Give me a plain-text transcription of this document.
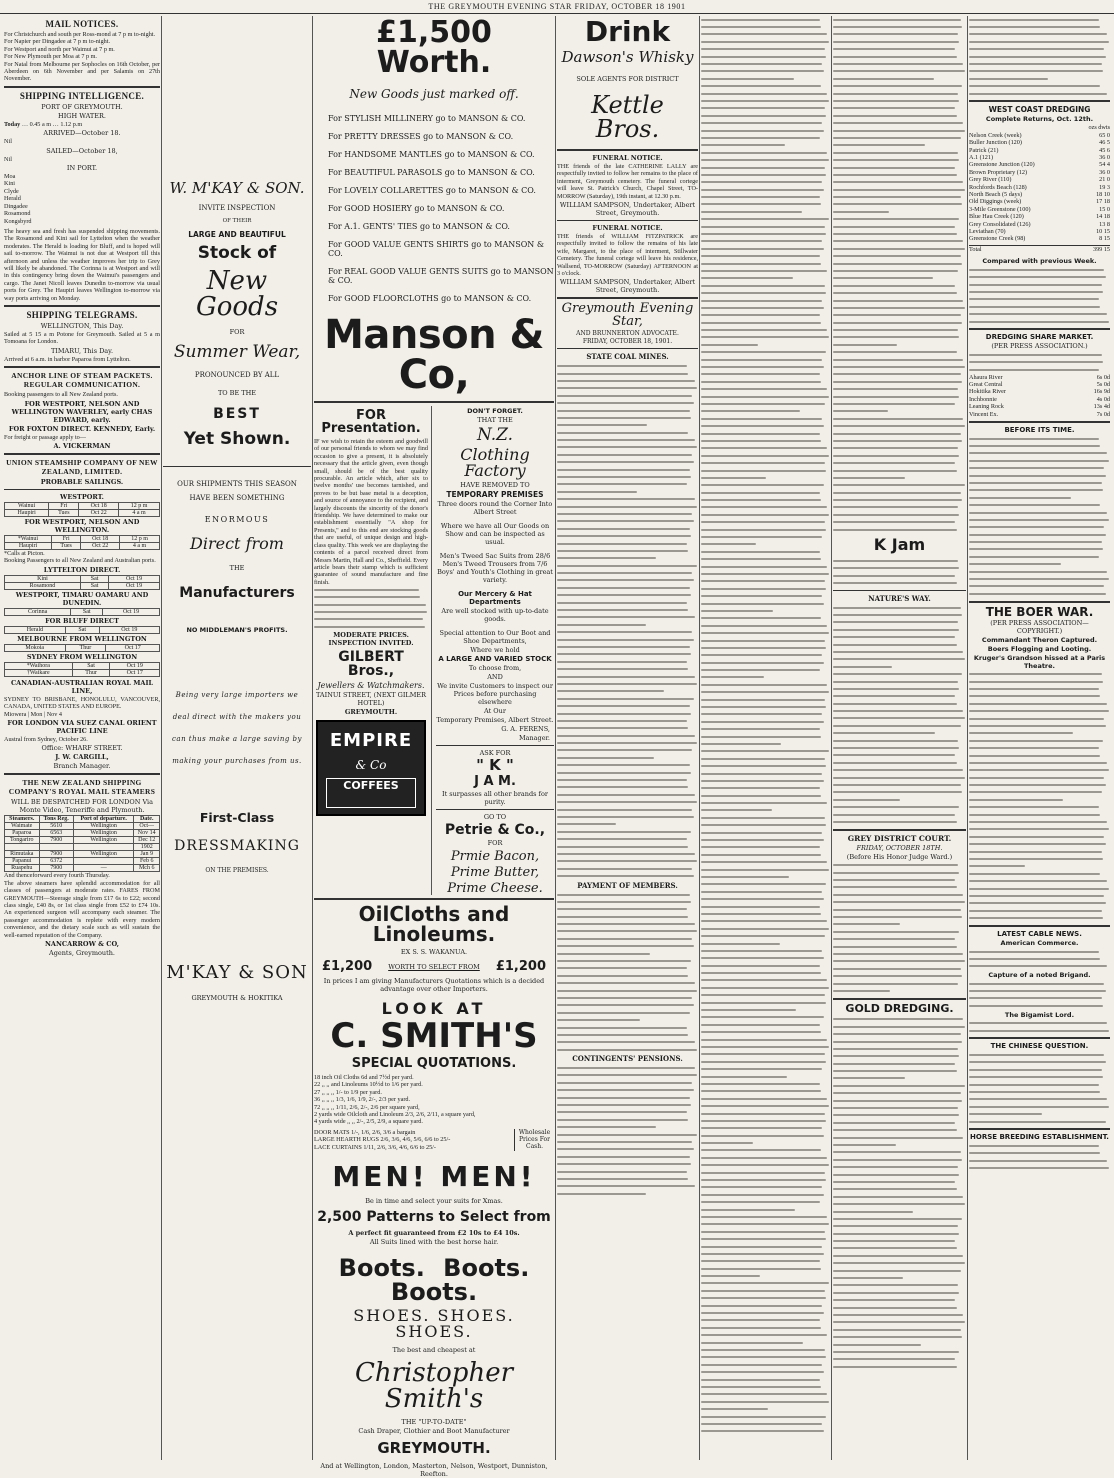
THE GREYMOUTH EVENING STAR FRIDAY, OCTOBER 18 1901
MAIL NOTICES.
For Christchurch and south per Ross-mond at 7 p m to-night.
For Napier per Dingadee at 7 p m to-night.
For Westport and north per Waimui at 7 p m.
For New Plymouth per Moa at 7 p m.
For Natal from Melbourne per Sophocles on 16th October, per Aberdeen on 6th November and per Salamis on 27th November.
SHIPPING INTELLIGENCE.
PORT OF GREYMOUTH.
HIGH WATER.
Today … 0.45 a m … 1.12 p.m
ARRIVED—October 18.
Nil
SAILED—October 18,
Nil
IN PORT.
Moa
Kini
Clyde
Herald
Dingadee
Rosamond
Kongsbyrd
The heavy sea and fresh has suspended shipping movements. The Rosamond and Kini sail for Lyttelton when the weather moderates. The Herald is loading for Bluff, and is hoped will sail to-morrow. The Waimui is not due at Westport till this afternoon and unless the weather improves her trip to Grey will likely be abandoned. The Corinna is at Westport and will in this contingency bring down the Waimui's passengers and cargo. The Janet Nicoll leaves Dunedin to-morrow via usual ports for Grey. The Haupiri leaves Wellington to-morrow via way ports arriving on Monday.
SHIPPING TELEGRAMS.
WELLINGTON, This Day.
Sailed at 5 15 a m Potone for Greymouth. Sailed at 5 a m Tomoana for London.
TIMARU, This Day.
Arrived at 6 a.m. in harbor Paparoa from Lyttelton.
ANCHOR LINE OF STEAM PACKETS. REGULAR COMMUNICATION.
Booking passengers to all New Zealand ports.
FOR WESTPORT, NELSON AND WELLINGTON WAVERLEY, early CHAS EDWARD, early.
FOR FOXTON DIRECT. KENNEDY, Early.
For freight or passage apply to—
A. VICKERMAN
UNION STEAMSHIP COMPANY OF NEW ZEALAND, LIMITED.
PROBABLE SAILINGS.
WESTPORT.
Wainui	Fri	Oct 18	12 p m
Haupiri	Tues	Oct 22	4 a m
FOR WESTPORT, NELSON AND WELLINGTON.
*Wainui	Fri	Oct 18	12 p m
Haupiri	Tues	Oct 22	4 a m
*Calls at Picton.
Booking Passengers to all New Zealand and Australian ports.
LYTTELTON DIRECT.
Kini	Sat	Oct 19
Rosamond	Sat	Oct 19
WESTPORT, TIMARU OAMARU AND DUNEDIN.
Corinna	Sat	Oct 19
FOR BLUFF DIRECT
Herald	Sat	Oct 19
MELBOURNE FROM WELLINGTON
Mokoia	Thur	Oct 17
SYDNEY FROM WELLINGTON
*Waihora	Sat	Oct 19
†Waikare	Thur	Oct 17
CANADIAN-AUSTRALIAN ROYAL MAIL LINE,
SYDNEY TO BRISBANE, HONOLULU, VANCOUVER, CANADA, UNITED STATES AND EUROPE.
Miowera | Mon | Nov 4
FOR LONDON VIA SUEZ CANAL ORIENT PACIFIC LINE
Austral from Sydney, October 26.
Office: WHARF STREET.
J. W. CARGILL,
Branch Manager.
THE NEW ZEALAND SHIPPING COMPANY'S ROYAL MAIL STEAMERS
WILL BE DESPATCHED FOR LONDON Via Monte Video, Teneriffe and Plymouth.
Steamers.	Tons Reg.	Port of departure.	Date.
Waimate	5610	Wellington	Oct—
Paparoa	6563	Wellington	Nov 14
Tongariro	7900	Wellington	Dec 12
			1902
Rimutaka	7900	Wellington	Jan 9
Papanui	6372		Feb 6
Ruapehu	7900	—	Mch 6
And thenceforward every fourth Thursday.
The above steamers have splendid accommodation for all classes of passengers at moderate rates. FARES FROM GREYMOUTH—Steerage single from £17 6s to £22; second class single, £40 8s, or 1st class single from £52 to £74 10s. An experienced surgeon will accompany each steamer. The passenger accommodation is replete with every modern convenience, and the dietary scale such as will sustain the well-earned reputation of the Company.
NANCARROW & CO,
Agents, Greymouth.
W. M'KAY & SON.
INVITE INSPECTION
OF THEIR
LARGE AND BEAUTIFUL
Stock of
New Goods
FOR
Summer Wear,
PRONOUNCED BY ALL
TO BE THE
BEST
Yet Shown.
OUR SHIPMENTS THIS SEASON HAVE BEEN SOMETHING
ENORMOUS
Direct from
THE
Manufacturers
NO MIDDLEMAN'S PROFITS.
Being very large importers we deal direct with the makers you can thus make a large saving by making your purchases from us.
First-Class
DRESSMAKING
ON THE PREMISES.
M'KAY & SON
GREYMOUTH & HOKITIKA
£1,500 Worth.
New Goods just marked off.
For STYLISH MILLINERY go to MANSON & CO.
For PRETTY DRESSES go to MANSON & CO.
For HANDSOME MANTLES go to MANSON & CO.
For BEAUTIFUL PARASOLS go to MANSON & CO.
For LOVELY COLLARETTES go to MANSON & CO.
For GOOD HOSIERY go to MANSON & CO.
For A.1. GENTS' TIES go to MANSON & CO.
For GOOD VALUE GENTS SHIRTS go to MANSON & CO.
For REAL GOOD VALUE GENTS SUITS go to MANSON & CO.
For GOOD FLOORCLOTHS go to MANSON & CO.
Manson & Co,
FOR Presentation.
IF we wish to retain the esteem and goodwill of our personal friends to whom we may find occasion to give a present, it is absolutely necessary that the article given, even though small, should be of the best quality procurable. An article which, after six to twelve months' use becomes tarnished, and proves to be but base metal is a deception, and source of annoyance to the recipient, and largely discounts the sincerity of the donor's friendship. We have determined to make our establishment essentially "A shop for Presents," and to this end are stocking goods that are useful, of unique design and high-class quality. This week we are displaying the contents of a parcel received direct from Messrs Martin, Hall and Co., Sheffield. Every article bears their stamp which is sufficient guarantee of sound manufacture and fine finish.
MODERATE PRICES. INSPECTION INVITED.
GILBERT Bros.,
Jewellers & Watchmakers.
TAINUI STREET, (NEXT GILMER HOTEL)
GREYMOUTH.
EMPIRE
& Co
COFFEES
DON'T FORGET.
THAT THE
N.Z.
Clothing Factory
HAVE REMOVED TO
TEMPORARY PREMISES
Three doors round the Corner Into Albert Street
Where we have all Our Goods on Show and can be inspected as usual.
Men's Tweed Sac Suits from 28/6 Men's Tweed Trousers from 7/6 Boys' and Youth's Clothing in great variety.
Our Mercery & Hat Departments
Are well stocked with up-to-date goods.
Special attention to Our Boot and Shoe Departments,
Where we hold
A LARGE AND VARIED STOCK
To choose from,
AND
We invite Customers to inspect our Prices before purchasing elsewhere
At Our
Temporary Premises, Albert Street.
G. A. FERENS,
Manager.
ASK FOR
" K "
J A M.
It surpasses all other brands for purity.
GO TO
Petrie & Co.,
FOR
Prmie Bacon,
Prime Butter,
Prime Cheese.
OilCloths and Linoleums.
EX S. S. WAKANUA.
£1,200 WORTH TO SELECT FROM £1,200
In prices I am giving Manufacturers Quotations which is a decided advantage over other Importers.
LOOK AT
C. SMITH'S
SPECIAL QUOTATIONS.
18 inch Oil Cloths 6d and 7½d per yard.
22 ,, ,, and Linoleums 10½d to 1/6 per yard.
27 ,, ,, ,, 1/- to 1/9 per yard.
36 ,, ,, ,, 1/3, 1/6, 1/9, 2/-, 2/3 per yard.
72 ,, ,, ,, 1/11, 2/6, 2/-, 2/6 per square yard,
2 yards wide Oilcloth and Linoleum 2/3, 2/6, 2/11, a square yard,
4 yards wide ,, ,, 2/-, 2/5, 2/9, a square yard.
DOOR MATS 1/-, 1/6, 2/6, 3/6 a bargain
LARGE HEARTH RUGS 2/6, 3/6, 4/6, 5/6, 6/6 to 25/-
LACE CURTAINS 1/11, 2/6, 3/6, 4/6, 6/6 to 25/-
Wholesale Prices For Cash.
MEN! MEN!
Be in time and select your suits for Xmas.
2,500 Patterns to Select from
A perfect fit guaranteed from £2 10s to £4 10s.
All Suits lined with the best horse hair.
Boots. Boots. Boots.
SHOES. SHOES. SHOES.
The best and cheapest at
Christopher Smith's
THE "UP-TO-DATE"
Cash Draper, Clothier and Boot Manufacturer
GREYMOUTH.
And at Wellington, London, Masterton, Nelson, Westport, Dunniston, Reefton.
Drink
Dawson's Whisky
SOLE AGENTS FOR DISTRICT
Kettle Bros.
FUNERAL NOTICE.
THE friends of the late CATHERINE LALLY are respectfully invited to follow her remains to the place of interment, Greymouth cemetery. The funeral cortege will leave St. Patrick's Church, Chapel Street, TO-MORROW (Saturday), 19th instant, at 12.30 p.m.
WILLIAM SAMPSON, Undertaker, Albert Street, Greymouth.
FUNERAL NOTICE.
THE friends of WILLIAM FITZPATRICK are respectfully invited to follow the remains of his late wife, Margaret, to the place of interment, Stillwater Cemetery. The funeral cortege will leave his residence, Wallsend, TO-MORROW (Saturday) AFTERNOON at 3 o'clock.
WILLIAM SAMPSON, Undertaker, Albert Street, Greymouth.
Greymouth Evening Star,
AND BRUNNERTON ADVOCATE.
FRIDAY, OCTOBER 18, 1901.
STATE COAL MINES.
PAYMENT OF MEMBERS.
CONTINGENTS' PENSIONS.
K Jam
NATURE'S WAY.
GREY DISTRICT COURT.
FRIDAY, OCTOBER 18TH.
(Before His Honor Judge Ward.)
GOLD DREDGING.
WEST COAST DREDGING
Complete Returns, Oct. 12th.
ozs dwts
Nelson Creek (week)	65 0
Buller Junction (120)	46 5
Patrick (21)	45 6
A.1 (121)	36 0
Greenstone Junction (120)	54 4
Brown Proprietary (12)	36 0
Grey River (110)	21 0
Rochfords Beach (128)	19 3
North Beach (5 days)	18 10
Old Diggings (week)	17 18
3-Mile Greenstone (100)	15 0
Blue Hau Creek (120)	14 18
Grey Consolidated (126)	13 8
Leviathan (70)	10 15
Greenstone Creek (98)	8 15
Total	399 15
Compared with previous Week.
DREDGING SHARE MARKET.
(PER PRESS ASSOCIATION.)
Ahaura River	6s 0d
Great Central	5s 0d
Hokitika River	16s 9d
Inchbonnie	4s 0d
Leaning Rock	13s 4d
Vincent Ex.	7s 0d
BEFORE ITS TIME.
THE BOER WAR.
(PER PRESS ASSOCIATION—COPYRIGHT.)
Commandant Theron Captured.
Boers Flogging and Looting.
Kruger's Grandson hissed at a Paris Theatre.
LATEST CABLE NEWS.
American Commerce.
Capture of a noted Brigand.
The Bigamist Lord.
THE CHINESE QUESTION.
HORSE BREEDING ESTABLISHMENT.
